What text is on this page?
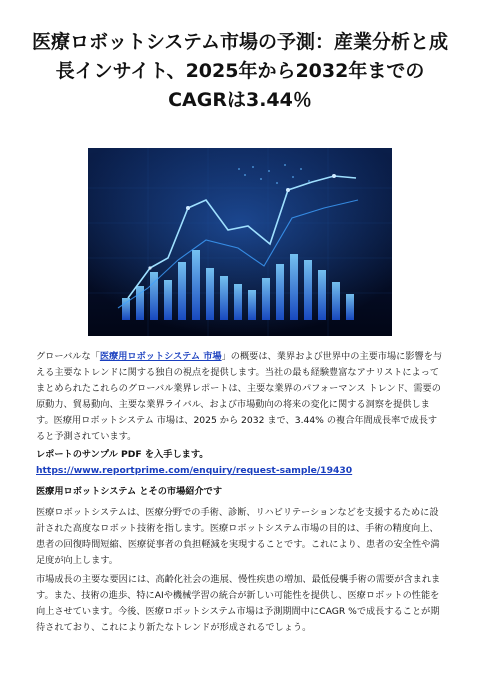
医療ロボットシステム市場の予測：産業分析と成長インサイト、2025年から2032年までのCAGRは3.44％

グローバルな「医療用ロボットシステム 市場」の概要は、業界および世界中の主要市場に影響を与える主要なトレンドに関する独自の視点を提供します。当社の最も経験豊富なアナリストによってまとめられたこれらのグローバル業界レポートは、主要な業界のパフォーマンス トレンド、需要の原動力、貿易動向、主要な業界ライバル、および市場動向の将来の変化に関する洞察を提供します。医療用ロボットシステム 市場は、2025 から 2032 まで、3.44% の複合年間成長率で成長すると予測されています。

レポートのサンプル PDF を入手します。 https://www.reportprime.com/enquiry/request-sample/19430

医療用ロボットシステム とその市場紹介です

医療ロボットシステムは、医療分野での手術、診断、リハビリテーションなどを支援するために設計された高度なロボット技術を指します。医療ロボットシステム市場の目的は、手術の精度向上、患者の回復時間短縮、医療従事者の負担軽減を実現することです。これにより、患者の安全性や満足度が向上します。

市場成長の主要な要因には、高齢化社会の進展、慢性疾患の増加、最低侵襲手術の需要が含まれます。また、技術の進歩、特にAIや機械学習の統合が新しい可能性を提供し、医療ロボットの性能を向上させています。今後、医療ロボットシステム市場は予測期間中にCAGR %で成長することが期待されており、これにより新たなトレンドが形成されるでしょう。
